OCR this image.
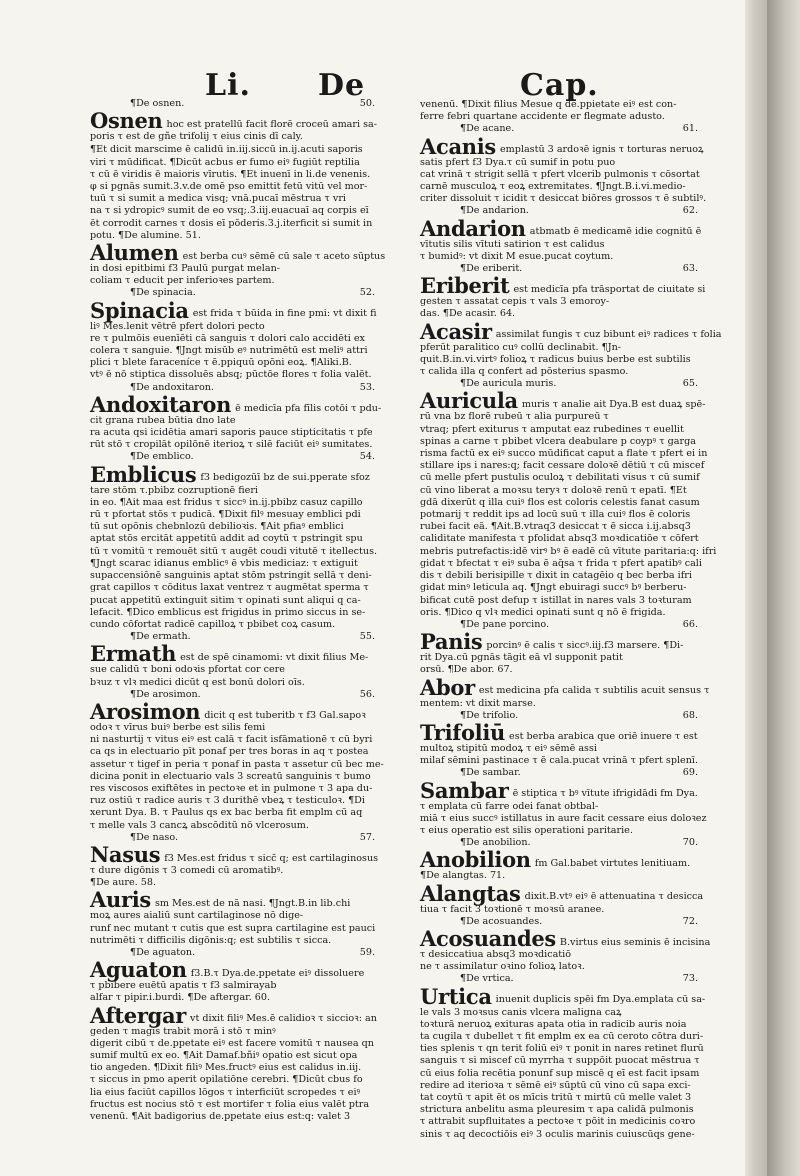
Li. De	Cap.
¶De osnen.	50.
Osnen hoc est pratellū facit florē croceū amari sa-
poris τ est de gñe trifolij τ eius cinis dī caly.
¶Et dicit marscime ē calidū in.iij.siccū in.ij.acuti saporis
viri τ mūdificat. ¶Dicūt acbus er fumo eiꝰ fugiūt reptilia
τ cū ē viridis ē maioris vīrutis. ¶Et inuenī in li.de venenis.
φ si pgnās sumit.3.v.de omē pso emittit fetū vitū vel mor-
tuū τ si sumit a medica visq; vnā.pucaī mēstrua τ vri
na τ si ydropicꝰ sumit de eo vsq;.3.iij.euacuaī aq corpis eī
ēt corrodit carnes τ dosis eī pōderis.3.j.iterficit si sumit in
potu. ¶De alumine. 51.
Alumen est berba cuꝰ sēmē cū sale τ aceto sūptus
in dosi epitbimi f3 Paulū purgat melan-
coliam τ educit per inferioꝛes partem.
¶De spinacia.	52.
Spinacia est frida τ būida in fine pmi: vt dixit fi
liꝰ Mes.lenit vētrē pfert dolori pecto
re τ pulmōis euenīēti cā sanguis τ dolori calo accidēti ex
colera τ sanguie. ¶Jngt misūb eꝰ nutrimētū est meliꝰ attri
plici τ blete faraceníce τ ē.ppiquū opōni eoꝝ. ¶Aliki.B.
vtꝰ ē nō stiptica dissoluēs absq; pūctōe flores τ folia valēt.
¶De andoxitaron.	53.
Andoxitaron ē medicīa pfa fīlis cotōi τ pdu-
cit grana rubea būtia dno late
ra acuta qsi icidētia amari saporis pauce stipticitatis τ pfe
rūt stō τ cropilāt opilōnē iterioꝝ τ silē faciūt eiꝰ sumitates.
¶De emblico.	54.
Emblicus f3 bedigozūī bz de sui.pperate sfoz
tare stōm τ.pbibz cozruptionē fieri
in eo. ¶Ait maa est fridus τ siccꝰ in.ij.pbibz casuz capillo
rū τ pfortat stōs τ pudicā. ¶Dixit filꝰ mesuay emblici pdi
tū sut opōnis chebnlozū debilioꝛis. ¶Ait pfiaꝰ emblici
aptat stōs ercitāt appetitū addit ad coytū τ pstringit spu
tū τ vomitū τ remouēt sitū τ augēt coudi vitutē τ itellectus.
¶Jngt scarac idianus emblicꝰ ē vbis mediciaz: τ extiguit
supaccensiōnē sanguinis aptat stōm pstringit sellā τ deni-
grat capillos τ cōditus laxat ventrez τ augmētat sperma τ
pucat appetitū extinguit sitim τ opinati sunt aliqui q ca-
lefacit. ¶Dico emblicus est frigidus in primo siccus in se-
cundo cōfortat radicē capilloꝝ τ pbibet coꝝ casum.
¶De ermath.	55.
Ermath est de spē cinamomi: vt dixit filius Me-
sue calidū τ boni odoꝛis pfortat cor cere
bꝛuz τ vlꝛ medici dicūt q est bonū dolori oīs.
¶De arosimon.	56.
Arosimon dicit q est tuberitb τ f3 Gal.sapoꝛ
odoꝛ τ vīrus buiꝰ berbe est silis femi
ni nasturtij τ vitus eiꝰ est calā τ facit isfāmationē τ cū byri
ca qs in electuario pīt ponaf per tres boras in aq τ postea
assetur τ tigef in peria τ ponaf in pasta τ assetur cū bec me-
dicina ponit in electuario vals 3 screatū sanguinis τ bumo
res viscosos exiftētes in pectoꝛe et in pulmone τ 3 apa du-
ruz ostiū τ radice auris τ 3 durithē vbeꝝ τ testiculoꝛ. ¶Di
xerunt Dya. B. τ Paulus qs ex bac berba fit emplm cū aq
τ melle vals 3 cancꝝ abscōditū nō vlcerosum.
¶De naso.	57.
Nasus f3 Mes.est fridus τ sicc̄ q; est cartilaginosus
τ dure digōnis τ 3 comedi cū aromatibꝰ.
¶De aure. 58.
Auris sm Mes.est de nā nasi. ¶Jngt.B.in lib.chi
moꝝ aures aialiū sunt cartilaginose nō dige-
runf nec mutant τ cutis que est supra cartilagine est pauci
nutrimēti τ difficilis digōnis:q; est subtilis τ sicca.
¶De aguaton.	59.
Aguaton f3.B.τ Dya.de.ppetate eiꝰ dissoluere
τ pbibere euētū apatis τ f3 salmirayab
alfar τ pipir.i.burdi. ¶De aftergar. 60.
Aftergar vt dixit filiꝰ Mes.ē calidioꝛ τ siccioꝛ: an
geden τ magis trabit morā i stō τ minꝰ
digerit cibū τ de.ppetate eiꝰ est facere vomitū τ nausea qn
sumif multū ex eo. ¶Ait Damaf.bñiꝰ opatio est sicut opa
tio angeden. ¶Dixit filiꝰ Mes.fructꝰ eius est calidus in.iij.
τ siccus in pmo aperit opilatiōne cerebri. ¶Dicūt cbus fo
lia eius faciūt capillos lōgos τ interficiūt scropedes τ eiꝰ
fructus est nocius stō τ est mortifer τ folia eius valēt ptra
venenū. ¶Ait badigorius de.ppetate eius est:q: valet 3
venenū. ¶Dixit filius Mesue q de.ppietate eiꝰ est con-
ferre febri quartane accidente er flegmate adusto.
¶De acane.	61.
Acanis emplastū 3 ardoꝛē ignis τ torturas neruoꝝ
satis pfert f3 Dya.τ cū sumif in potu puo
cat vrinā τ strigit sellā τ pfert vlcerib pulmonis τ cōsortat
carnē musculoꝝ τ eoꝝ extremitates. ¶Jngt.B.i.vi.medio-
criter dissoluit τ icidit τ desiccat biōres grossos τ ē subtilꝰ.
¶De andarion.	62.
Andarion atbmatb ē medicamē idie cognitū ē
vītutis silis vītuti satirion τ est calidus
τ bumidꝰ: vt dixit M esue.pucat coytum.
¶De eriberit.	63.
Eriberit est medicīa pfa trāsportat de ciuitate si
gesten τ assatat cepis τ vals 3 emoroy-
das. ¶De acasir. 64.
Acasir assimilat fungis τ cuz bibunt eiꝰ radices τ folia
pferūt paralitico cuꝰ collū declinabit. ¶Jn-
quit.B.in.vi.virtꝰ folioꝝ τ radicus buius berbe est subtilis
τ calida illa q confert ad pōsterius spasmo.
¶De auricula muris.	65.
Auricula muris τ analie ait Dya.B est duaꝝ spē-
rū vna bz florē rubeū τ alia purpureū τ
vtraq; pfert exiturus τ amputat eaz rubedines τ euellit
spinas a carne τ pbibet vlcera deabulare p coypꝰ τ garga
risma factū ex eiꝰ succo mūdificat caput a flate τ pfert ei in
stillare ips i nares:q; facit cessare doloꝛē dētiū τ cū miscef
cū melle pfert pustulis oculoꝝ τ debilitati visus τ cū sumif
cū vino liberat a moꝛsu teryꝛ τ doloꝛē renū τ epatī. ¶Et
gdā dixerūt q illa cuiꝰ flos est coloris celestis fanat casum
potmarij τ reddit ips ad locū suū τ illa cuiꝰ flos ē coloris
rubei facit eā. ¶Ait.B.vtraq3 desiccat τ ē sicca i.ij.absq3
caliditate manifesta τ pfolidat absq3 moꝛdicatiōe τ cōfert
mebris putrefactis:idē virꝰ bꝰ ē eadē cū vītute paritaria:q: ifri
gidat τ bfectat τ eiꝰ suba ē aq̄sa τ frida τ pfert apatibꝰ cali
dis τ debili berisipille τ dixit in catagēio q bec berba ifri
gidat minꝰ leticula aq. ¶Jngt ebuiragi succꝰ bꝰ berberu-
bificat cutē post defup τ istillat in nares vals 3 toꝛturam
oris. ¶Dico q vlꝛ medici opinati sunt q nō ē frigida.
¶De pane porcino.	66.
Panis porcinꝰ ē calis τ siccꝰ.iij.f3 marsere. ¶Di-
rit Dya.cū pgnās tāgit eā vl supponit patit
orsū. ¶De abor. 67.
Abor est medicina pfa calida τ subtilis acuit sensus τ
mentem: vt dixit marse.
¶De trifolio.	68.
Trifoliū est berba arabica que oriē inuere τ est
multoꝝ stipitū modoꝝ τ eiꝰ sēmē assi
milaf sēmini pastinace τ ē cala.pucat vrinā τ pfert splenī.
¶De sambar.	69.
Sambar ē stiptica τ bꝰ vītute ifrigidādi fm Dya.
τ emplata cū farre odei fanat obtbal-
miā τ eius succꝰ istillatus in aure facit cessare eius doloꝛez
τ eius operatio est silis operationi paritarie.
¶De anobilion.	70.
Anobilion fm Gal.babet virtutes lenitiuam.
¶De alangtas. 71.
Alangtas dixit.B.vtꝰ eiꝰ ē attenuatina τ desicca
tiua τ facit 3 toꝛtionē τ moꝛsū aranee.
¶De acosuandes.	72.
Acosuandes B.virtus eius seminis ē incisina
τ desiccatiua absq3 moꝛdicatiō
ne τ assimilatur oꝛino folioꝝ latoꝛ.
¶De vrtica.	73.
Urtica inuenit duplicis spēi fm Dya.emplata cū sa-
le vals 3 moꝛsus canis vlcera maligna caꝝ
toꝛturā neruoꝝ exituras apata otia in radicib auris noia
ta cugila τ dubellet τ fit emplm ex ea cū ceroto cōtra duri-
ties splenis τ qn terit foliū eiꝰ τ ponit in nares retinet flurū
sanguis τ si miscef cū myrrha τ suppōit puocat mēstrua τ
cū eius folia recētia ponunf sup miscē q eī est facit ipsam
redire ad iterioꝛa τ sēmē eiꝰ sūptū cū vino cū sapa exci-
tat coytū τ apit ēt os mīcis tritū τ mirtū cū melle valet 3
strictura anbelitu asma pleuresim τ apa calidā pulmonis
τ attrabit supfluitates a pectoꝛe τ pōit in medicinis coꝛro
sinis τ aq decoctiōis eiꝰ 3 oculis marinis cuiuscūqs gene-
